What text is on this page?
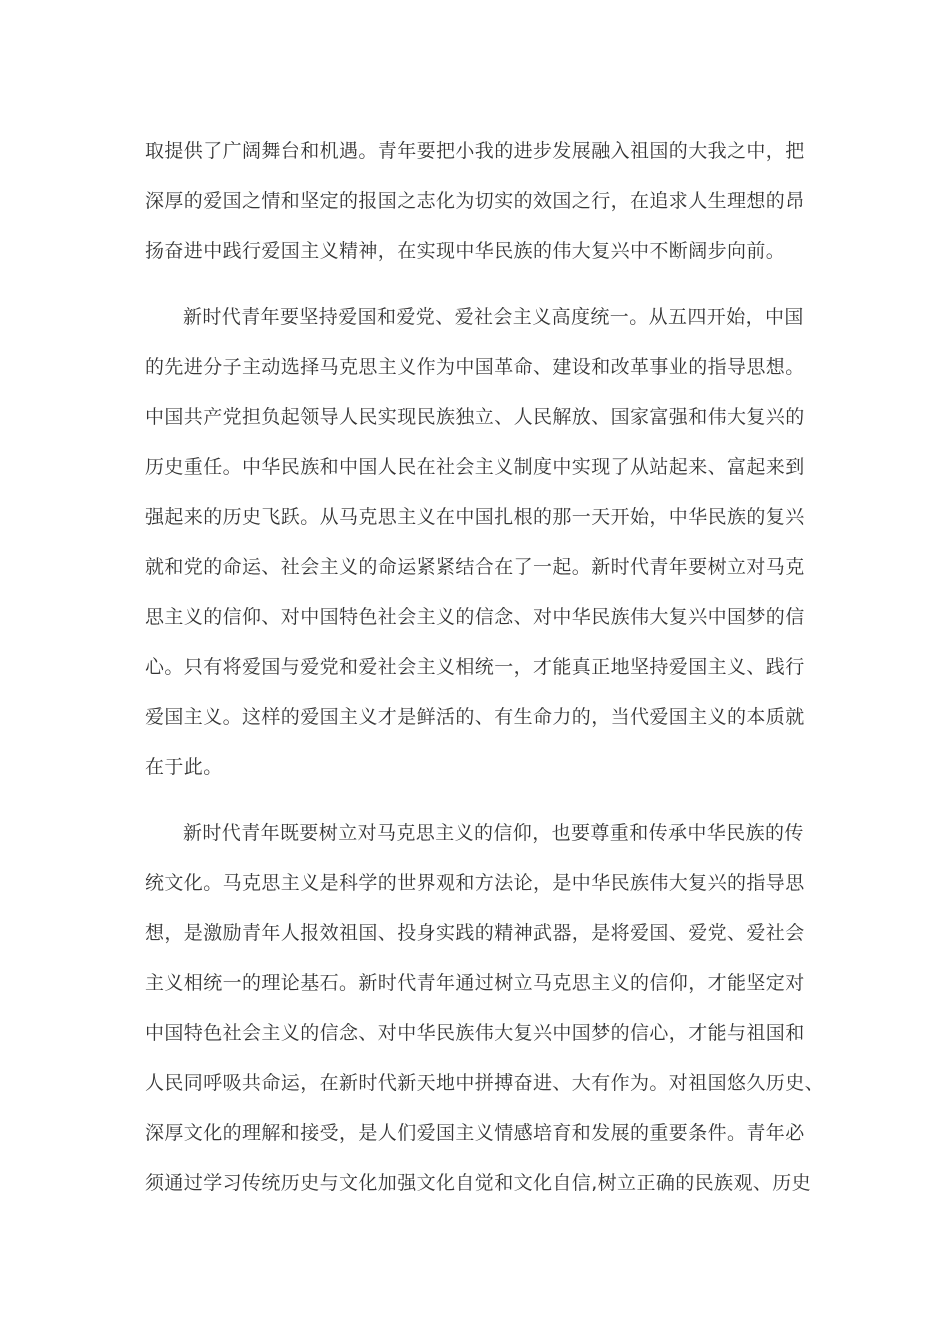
取提供了广阔舞台和机遇。青年要把小我的进步发展融入祖国的大我之中，把
深厚的爱国之情和坚定的报国之志化为切实的效国之行，在追求人生理想的昂
扬奋进中践行爱国主义精神，在实现中华民族的伟大复兴中不断阔步向前。
新时代青年要坚持爱国和爱党、爱社会主义高度统一。从五四开始，中国
的先进分子主动选择马克思主义作为中国革命、建设和改革事业的指导思想。
中国共产党担负起领导人民实现民族独立、人民解放、国家富强和伟大复兴的
历史重任。中华民族和中国人民在社会主义制度中实现了从站起来、富起来到
强起来的历史飞跃。从马克思主义在中国扎根的那一天开始，中华民族的复兴
就和党的命运、社会主义的命运紧紧结合在了一起。新时代青年要树立对马克
思主义的信仰、对中国特色社会主义的信念、对中华民族伟大复兴中国梦的信
心。只有将爱国与爱党和爱社会主义相统一，才能真正地坚持爱国主义、践行
爱国主义。这样的爱国主义才是鲜活的、有生命力的，当代爱国主义的本质就
在于此。
新时代青年既要树立对马克思主义的信仰，也要尊重和传承中华民族的传
统文化。马克思主义是科学的世界观和方法论，是中华民族伟大复兴的指导思
想，是激励青年人报效祖国、投身实践的精神武器，是将爱国、爱党、爱社会
主义相统一的理论基石。新时代青年通过树立马克思主义的信仰，才能坚定对
中国特色社会主义的信念、对中华民族伟大复兴中国梦的信心，才能与祖国和
人民同呼吸共命运，在新时代新天地中拼搏奋进、大有作为。对祖国悠久历史、
深厚文化的理解和接受，是人们爱国主义情感培育和发展的重要条件。青年必
须通过学习传统历史与文化加强文化自觉和文化自信,树立正确的民族观、历史
